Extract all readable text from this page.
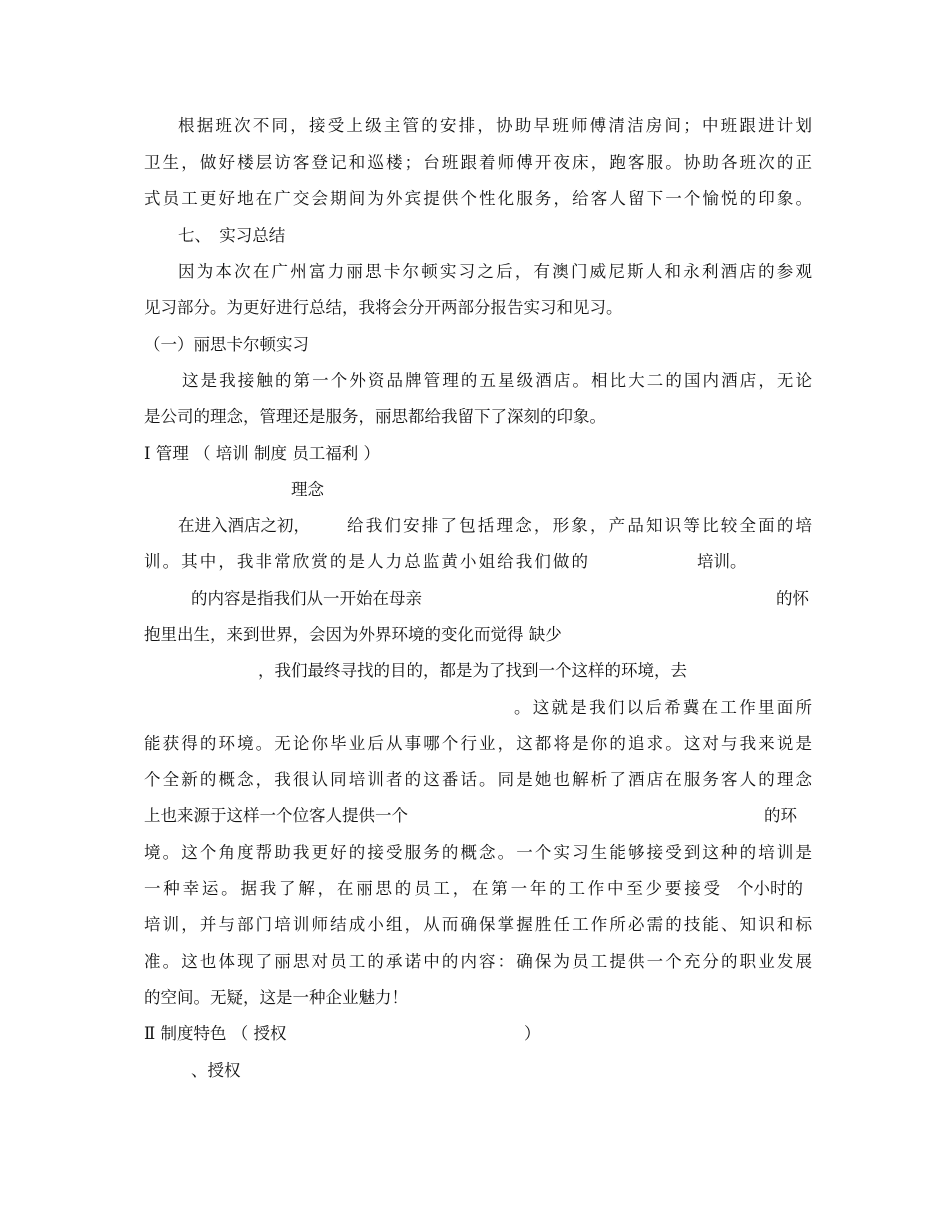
根据班次不同，接受上级主管的安排，协助早班师傅清洁房间；中班跟进计划
卫生，做好楼层访客登记和巡楼；台班跟着师傅开夜床，跑客服。协助各班次的正
式员工更好地在广交会期间为外宾提供个性化服务，给客人留下一个愉悦的印象。
七、　实习总结
因为本次在广州富力丽思卡尔顿实习之后，有澳门威尼斯人和永利酒店的参观
见习部分。为更好进行总结，我将会分开两部分报告实习和见习。
（一）丽思卡尔顿实习
这是我接触的第一个外资品牌管理的五星级酒店。相比大二的国内酒店，无论
是公司的理念，管理还是服务，丽思都给我留下了深刻的印象。
Ⅰ 管理 （ 培训 制度 员工福利 ）
理念
在进入酒店之初， 给我们安排了包括理念，形象，产品知识等比较全面的培
训。其中，我非常欣赏的是人力总监黄小姐给我们做的	培训。
的内容是指我们从一开始在母亲	的怀
抱里出生，来到世界，会因为外界环境的变化而觉得 缺少
，我们最终寻找的目的，都是为了找到一个这样的环境，去
。这就是我们以后希冀在工作里面所
能获得的环境。无论你毕业后从事哪个行业，这都将是你的追求。这对与我来说是
个全新的概念，我很认同培训者的这番话。同是她也解析了酒店在服务客人的理念
上也来源于这样一个位客人提供一个	的环
境。这个角度帮助我更好的接受服务的概念。一个实习生能够接受到这种的培训是
一种幸运。据我了解，在丽思的员工，在第一年的工作中至少要接受 个小时的
培训，并与部门培训师结成小组，从而确保掌握胜任工作所必需的技能、知识和标
准。这也体现了丽思对员工的承诺中的内容：确保为员工提供一个充分的职业发展
的空间。无疑，这是一种企业魅力！
Ⅱ 制度特色 （ 授权	）
、授权
